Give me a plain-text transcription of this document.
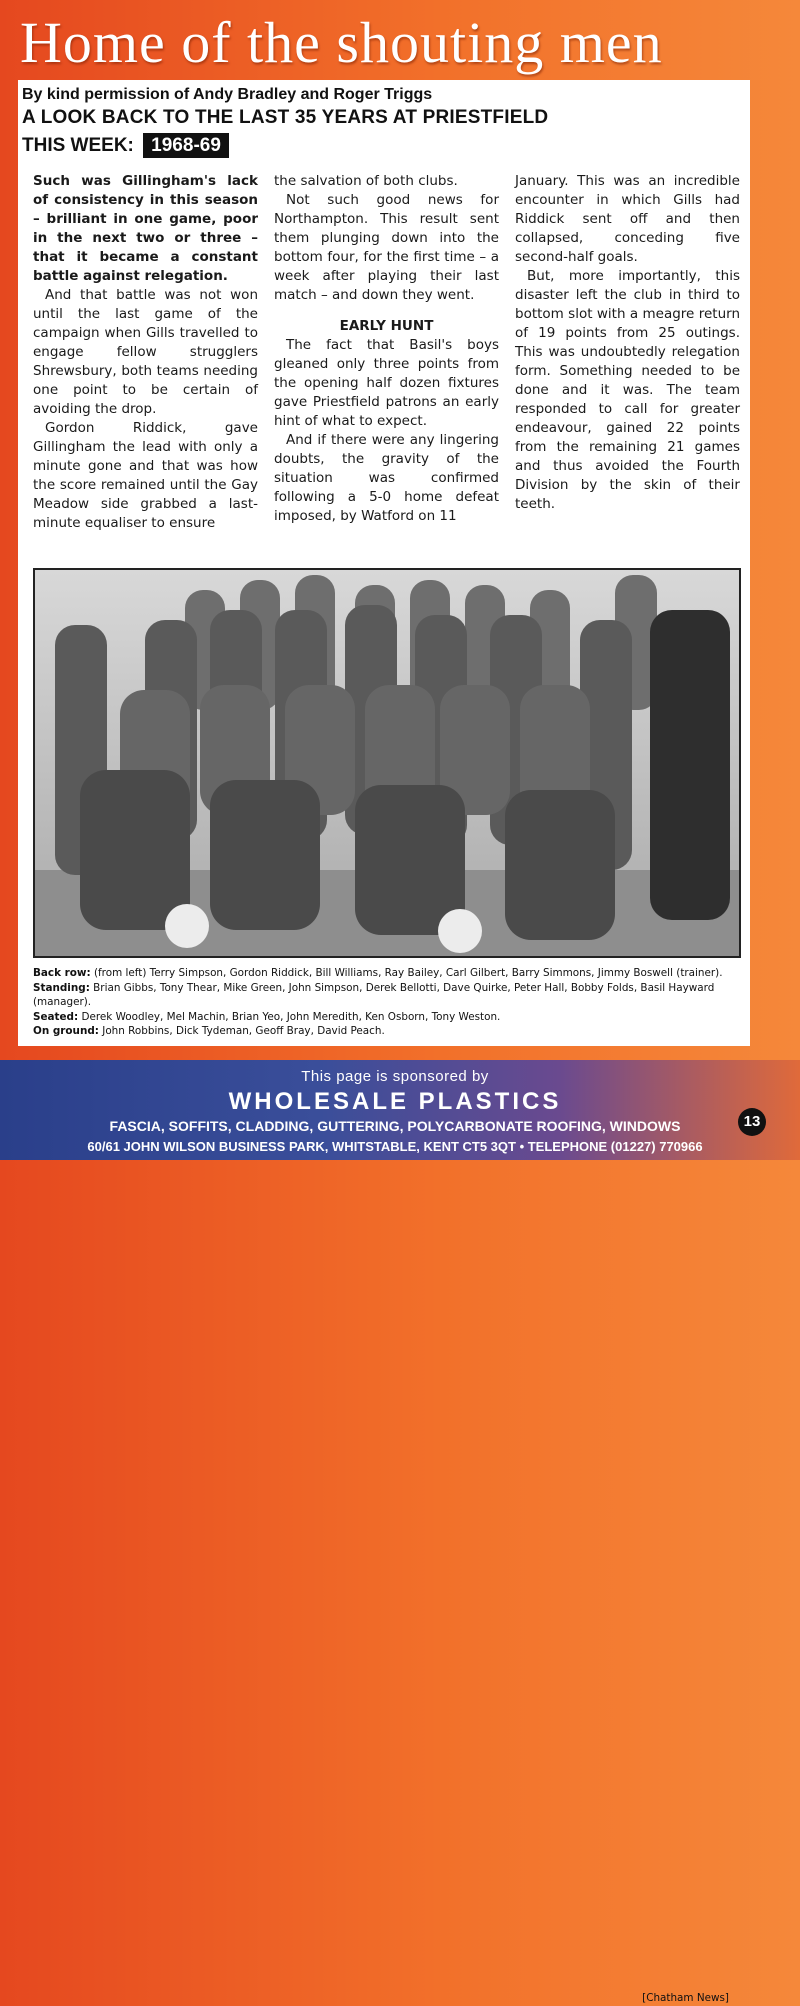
Home of the shouting men
By kind permission of Andy Bradley and Roger Triggs
A LOOK BACK TO THE LAST 35 YEARS AT PRIESTFIELD
THIS WEEK: 1968-69

Such was Gillingham's lack of consistency in this season – brilliant in one game, poor in the next two or three – that it became a constant battle against relegation.

And that battle was not won until the last game of the campaign when Gills travelled to engage fellow strugglers Shrewsbury, both teams needing one point to be certain of avoiding the drop.

Gordon Riddick, gave Gillingham the lead with only a minute gone and that was how the score remained until the Gay Meadow side grabbed a last-minute equaliser to ensure

the salvation of both clubs.

Not such good news for Northampton. This result sent them plunging down into the bottom four, for the first time – a week after playing their last match – and down they went.

EARLY HUNT

The fact that Basil's boys gleaned only three points from the opening half dozen fixtures gave Priestfield patrons an early hint of what to expect.

And if there were any lingering doubts, the gravity of the situation was confirmed following a 5-0 home defeat imposed, by Watford on 11

January. This was an incredible encounter in which Gills had Riddick sent off and then collapsed, conceding five second-half goals.

But, more importantly, this disaster left the club in third to bottom slot with a meagre return of 19 points from 25 outings. This was undoubtedly relegation form. Something needed to be done and it was. The team responded to call for greater endeavour, gained 22 points from the remaining 21 games and thus avoided the Fourth Division by the skin of their teeth.

Back row: (from left) Terry Simpson, Gordon Riddick, Bill Williams, Ray Bailey, Carl Gilbert, Barry Simmons, Jimmy Boswell (trainer).
Standing: Brian Gibbs, Tony Thear, Mike Green, John Simpson, Derek Bellotti, Dave Quirke, Peter Hall, Bobby Folds, Basil Hayward (manager).
Seated: Derek Woodley, Mel Machin, Brian Yeo, John Meredith, Ken Osborn, Tony Weston.
On ground: John Robbins, Dick Tydeman, Geoff Bray, David Peach.
[Chatham News]
This page is sponsored by
WHOLESALE PLASTICS
FASCIA, SOFFITS, CLADDING, GUTTERING, POLYCARBONATE ROOFING, WINDOWS
60/61 JOHN WILSON BUSINESS PARK, WHITSTABLE, KENT CT5 3QT • TELEPHONE (01227) 770966
13
